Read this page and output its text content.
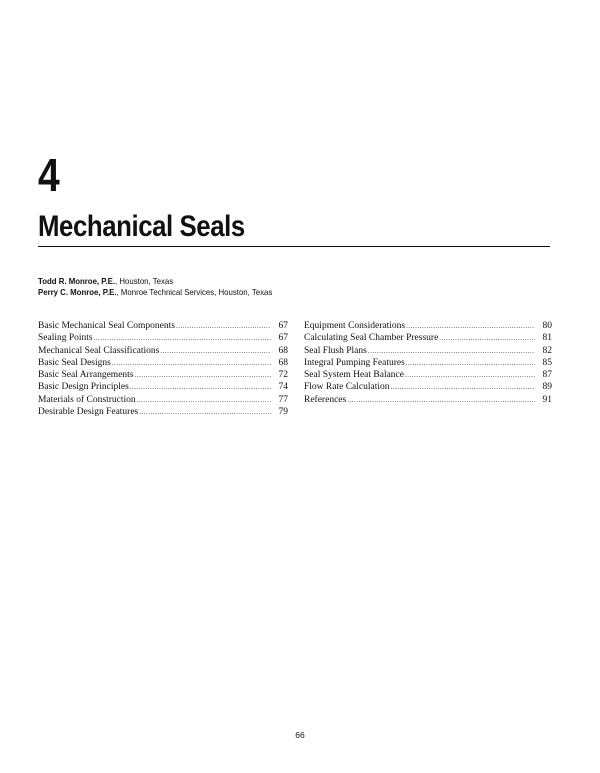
4
Mechanical Seals
Todd R. Monroe, P.E., Houston, Texas
Perry C. Monroe, P.E., Monroe Technical Services, Houston, Texas
Basic Mechanical Seal Components .....	67
Sealing Points .....	67
Mechanical Seal Classifications .....	68
Basic Seal Designs .....	68
Basic Seal Arrangements .....	72
Basic Design Principles .....	74
Materials of Construction .....	77
Desirable Design Features .....	79
Equipment Considerations .....	80
Calculating Seal Chamber Pressure .....	81
Seal Flush Plans .....	82
Integral Pumping Features .....	85
Seal System Heat Balance .....	87
Flow Rate Calculation .....	89
References .....	91
66
